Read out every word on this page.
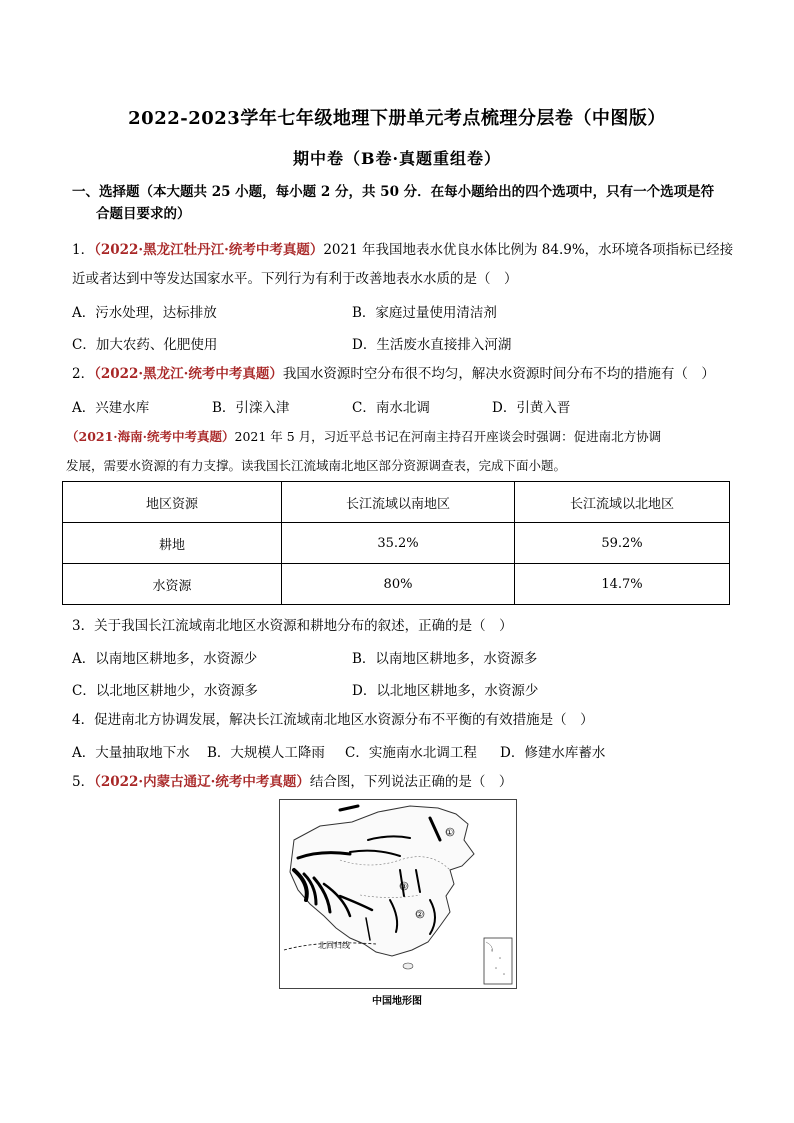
2022-2023学年七年级地理下册单元考点梳理分层卷（中图版）
期中卷（B卷·真题重组卷）
一、选择题（本大题共 25 小题，每小题 2 分，共 50 分．在每小题给出的四个选项中，只有一个选项是符
合题目要求的）
1．（2022·黑龙江牡丹江·统考中考真题）2021 年我国地表水优良水体比例为 84.9%，水环境各项指标已经接
近或者达到中等发达国家水平。下列行为有利于改善地表水水质的是（　）
A．污水处理，达标排放	B．家庭过量使用清洁剂
C．加大农药、化肥使用	D．生活废水直接排入河湖
2．（2022·黑龙江·统考中考真题）我国水资源时空分布很不均匀，解决水资源时间分布不均的措施有（　）
A．兴建水库	B．引滦入津	C．南水北调	D．引黄入晋
（2021·海南·统考中考真题）2021 年 5 月，习近平总书记在河南主持召开座谈会时强调：促进南北方协调
发展，需要水资源的有力支撑。读我国长江流域南北地区部分资源调查表，完成下面小题。
地区资源	长江流域以南地区	长江流域以北地区
耕地	35.2%	59.2%
水资源	80%	14.7%
3．关于我国长江流域南北地区水资源和耕地分布的叙述，正确的是（　）
A．以南地区耕地多，水资源少	B．以南地区耕地多，水资源多
C．以北地区耕地少，水资源多	D．以北地区耕地多，水资源少
4．促进南北方协调发展，解决长江流域南北地区水资源分布不平衡的有效措施是（　）
A．大量抽取地下水 B．大规模人工降雨 C．实施南水北调工程 D．修建水库蓄水
5．（2022·内蒙古通辽·统考中考真题）结合图，下列说法正确的是（　）
①
②
③
北回归线
中国地形图
